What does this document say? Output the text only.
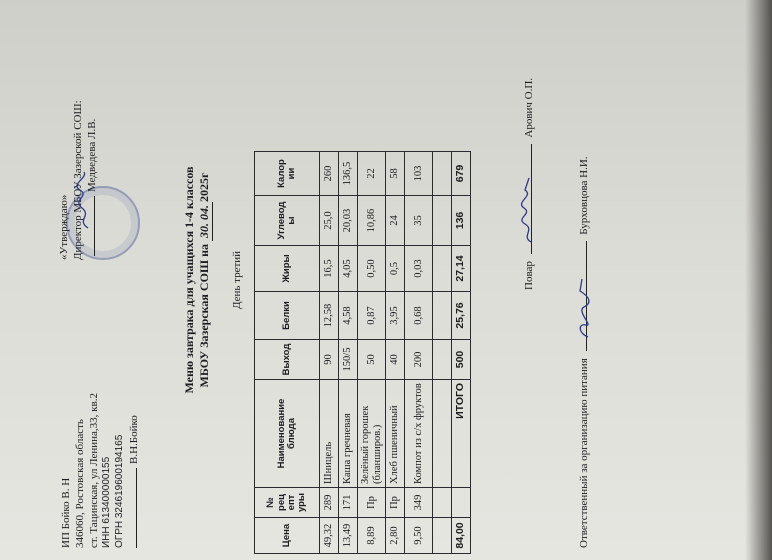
ИП Бойко В. Н 346060, Ростовская область ст. Тацинская, ул Ленина,33, кв.2 ИНН 613400000155 ОГРН 324619600194165 В.Н.Бойко
«Утверждаю» Директор МБОУ Зазерской СОШ: Медведева Л.В.
Меню завтрака для учащихся 1-4 классов МБОУ Зазерская СОШ на 30. 04.2025г
День третий
Цена	№ рец епт уры	Наименование блюда	Выход	Белки	Жиры	Углевод ы	Калор ии
49,32	289	Шницель	90	12,58	16,5	25,0	260
13,49	171	Каша гречневая	150/5	4,58	4,05	20,03	136,5
8,89	Пр	Зелёный горошек (бланширов.)	50	0,87	0,50	10,86	22
2,80	Пр	Хлеб пшеничный	40	3,95	0,5	24	58
9,50	349	Компот из с/х фруктов	200	0,68	0,03	35	103

84,00		ИТОГО	500	25,76	27,14	136	679
Повар
Арович О.П.
Ответственный за организацию питания
Бурховцова Н.И.
